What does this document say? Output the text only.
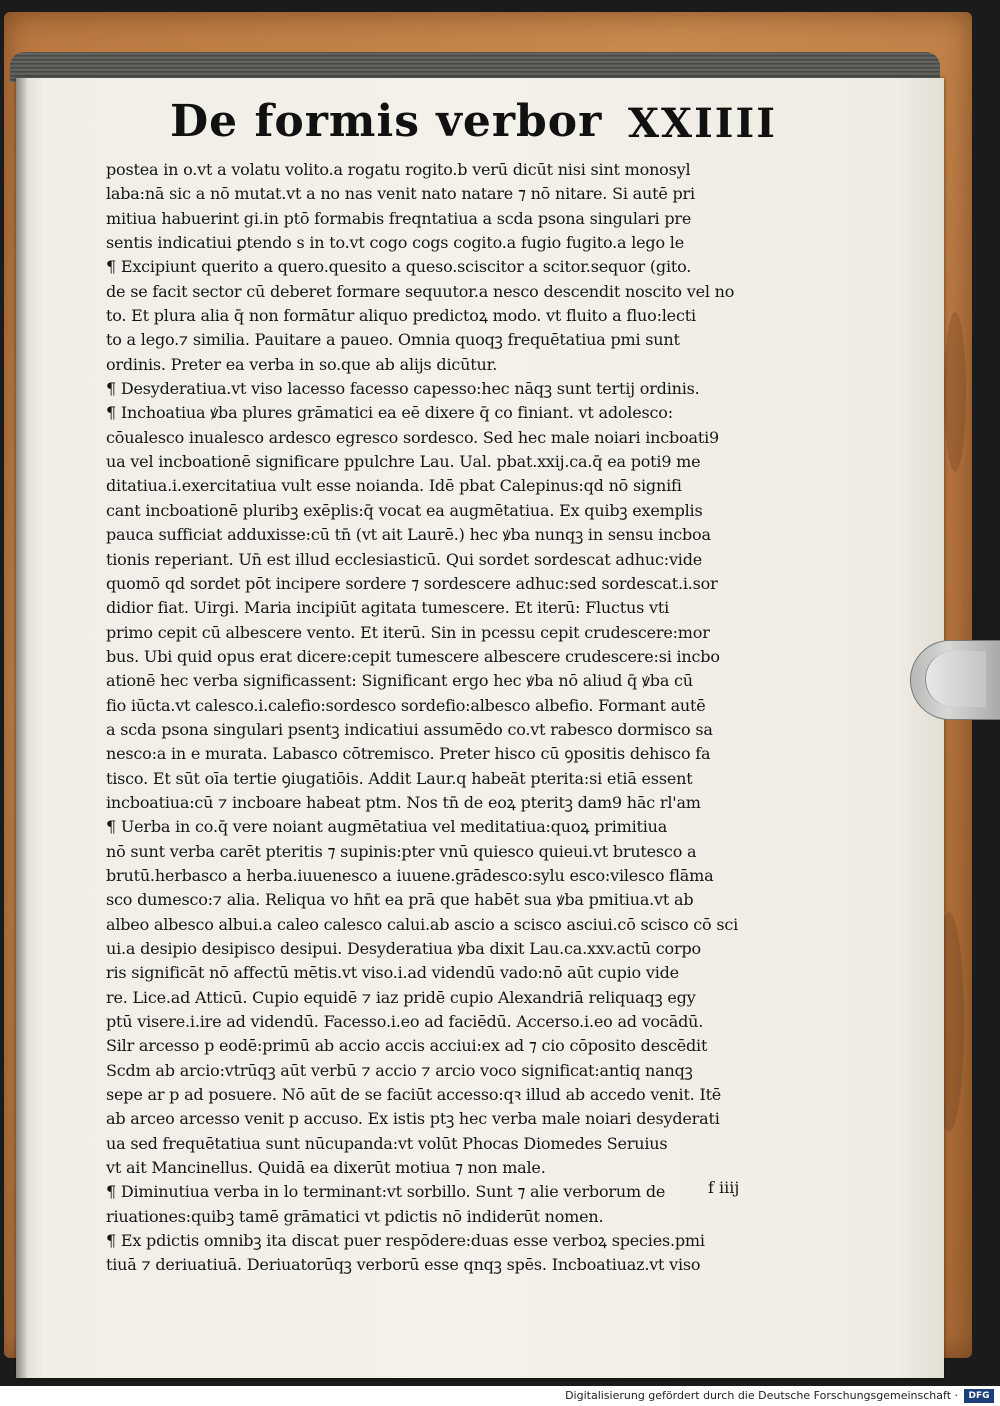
De formis verbor XXIIII
postea in o.vt a volatu volito.a rogatu rogito.b verū dicūt nisi sint monosyl
laba:nā sic a nō mutat.vt a no nas venit nato natare ⁊ nō nitare. Si autē pri
mitiua habuerint gi.in ptō formabis freqntatiua a scda psona singulari pre
sentis indicatiui ꝑtendo s in to.vt cogo cogs cogito.a fugio fugito.a lego le
¶ Excipiunt querito a quero.quesito a queso.sciscitor a scitor.sequor (gito.
de se facit sector cū deberet formare sequutor.a nesco descendit noscito vel no
to. Et plura alia q̄ non formātur aliquo predictoꝝ modo. vt fluito a fluo:lecti
to a lego.⁊ similia. Pauitare a paueo. Omnia quoqꝫ frequētatiua pmi sunt
ordinis. Preter ea verba in so.que ab alijs dicūtur.
¶ Desyderatiua.vt viso lacesso facesso capesso:hec nāqꝫ sunt tertij ordinis.
¶ Inchoatiua ꝟba plures grāmatici ea eē dixere q̄ co finiant. vt adolesco:
cōualesco inualesco ardesco egresco sordesco. Sed hec male noiari incboati9
ua vel incboationē significare ppulchre Lau. Ual. pbat.xxij.ca.q̄ ea poti9 me
ditatiua.i.exercitatiua vult esse noianda. Idē pbat Calepinus:qd nō signifi
cant incboationē pluribꝫ exēplis:q̄ vocat ea augmētatiua. Ex quibꝫ exemplis
pauca sufficiat adduxisse:cū tn̄ (vt ait Laurē.) hec ꝟba nunqꝫ in sensu incboa
tionis reperiant. Un̄ est illud ecclesiasticū. Qui sordet sordescat adhuc:vide
quomō qd sordet pōt incipere sordere ⁊ sordescere adhuc:sed sordescat.i.sor
didior fiat. Uirgi. Maria incipiūt agitata tumescere. Et iterū: Fluctus vti
primo cepit cū albescere vento. Et iterū. Sin in pcessu cepit crudescere:mor
bus. Ubi quid opus erat dicere:cepit tumescere albescere crudescere:si incbo
ationē hec verba significassent: Significant ergo hec ꝟba nō aliud q̄ ꝟba cū
fio iūcta.vt calesco.i.calefio:sordesco sordefio:albesco albefio. Formant autē
a scda psona singulari psentꝫ indicatiui assumēdo co.vt rabesco dormisco sa
nesco:a in e murata. Labasco cōtremisco. Preter hisco cū ꝯpositis dehisco fa
tisco. Et sūt oīa tertie ꝯiugatiōis. Addit Laur.q habeāt pterita:si etiā essent
incboatiua:cū ⁊ incboare habeat ptm. Nos tn̄ de eoꝝ pteritꝫ dam9 hāc rl'am
¶ Uerba in co.q̄ vere noiant augmētatiua vel meditatiua:quoꝝ primitiua
nō sunt verba carēt pteritis ⁊ supinis:pter vnū quiesco quieui.vt brutesco a
brutū.herbasco a herba.iuuenesco a iuuene.grādesco:sylu esco:vilesco flāma
sco dumesco:⁊ alia. Reliqua vo hn̄t ea prā que habēt sua ꝟba pmitiua.vt ab
albeo albesco albui.a caleo calesco calui.ab ascio a scisco asciui.cō scisco cō sci
ui.a desipio desipisco desipui. Desyderatiua ꝟba dixit Lau.ca.xxv.actū corpo
ris significāt nō affectū mētis.vt viso.i.ad videndū vado:nō aūt cupio vide
re. Lice.ad Atticū. Cupio equidē ⁊ iaz pridē cupio Alexandriā reliquaqꝫ egy
ptū visere.i.ire ad videndū. Facesso.i.eo ad faciēdū. Accerso.i.eo ad vocādū.
Silr arcesso p eodē:primū ab accio accis acciui:ex ad ⁊ cio cōposito descēdit
Scdm ab arcio:vtrūqꝫ aūt verbū ⁊ accio ⁊ arcio voco significat:antiq nanqꝫ
sepe ar p ad posuere. Nō aūt de se faciūt accesso:qꝛ illud ab accedo venit. Itē
ab arceo arcesso venit p accuso. Ex istis ptꝫ hec verba male noiari desyderati
ua sed frequētatiua sunt nūcupanda:vt volūt Phocas Diomedes Seruius
vt ait Mancinellus. Quidā ea dixerūt motiua ⁊ non male.
¶ Diminutiua verba in lo terminant:vt sorbillo. Sunt ⁊ alie verborum de
riuationes:quibꝫ tamē grāmatici vt pdictis nō indiderūt nomen.
¶ Ex pdictis omnibꝫ ita discat puer respōdere:duas esse verboꝝ species.pmi
tiuā ⁊ deriuatiuā. Deriuatorūqꝫ verborū esse qnqꝫ spēs. Incboatiuaz.vt viso
f iiij
Digitalisierung gefördert durch die Deutsche Forschungsgemeinschaft ·	DFG
